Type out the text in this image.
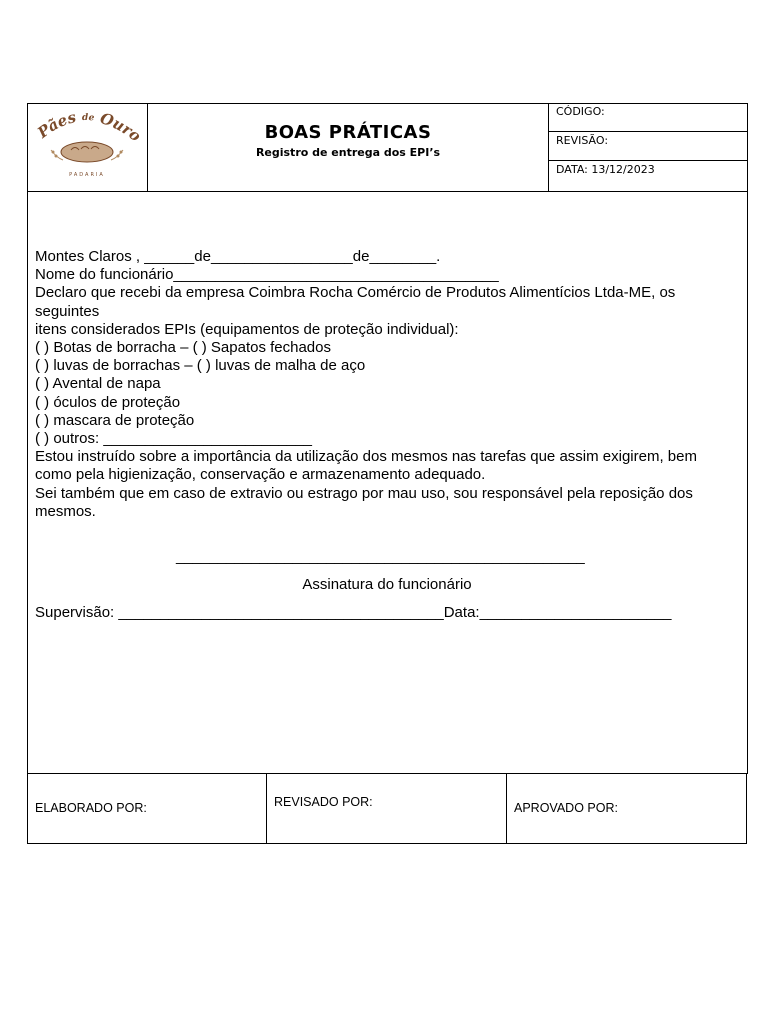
Pães de Ouro
PADARIA
BOAS PRÁTICAS
Registro de entrega dos EPI’s
CÓDIGO:
REVISÃO:
DATA: 13/12/2023
Montes Claros , ______de_________________de________.
Nome do funcionário_______________________________________
Declaro que recebi da empresa Coimbra Rocha Comércio de Produtos Alimentícios Ltda-ME, os
seguintes
itens considerados EPIs (equipamentos de proteção individual):
( ) Botas de borracha – ( ) Sapatos fechados
( ) luvas de borrachas – ( ) luvas de malha de aço
( ) Avental de napa
( ) óculos de proteção
( ) mascara de proteção
( ) outros: _________________________
Estou instruído sobre a importância da utilização dos mesmos nas tarefas que assim exigirem, bem
como pela higienização, conservação e armazenamento adequado.
Sei também que em caso de extravio ou estrago por mau uso, sou responsável pela reposição dos
mesmos.
_________________________________________________
Assinatura do funcionário
Supervisão: _______________________________________Data:_______________________
ELABORADO POR:	REVISADO POR:	APROVADO POR:
